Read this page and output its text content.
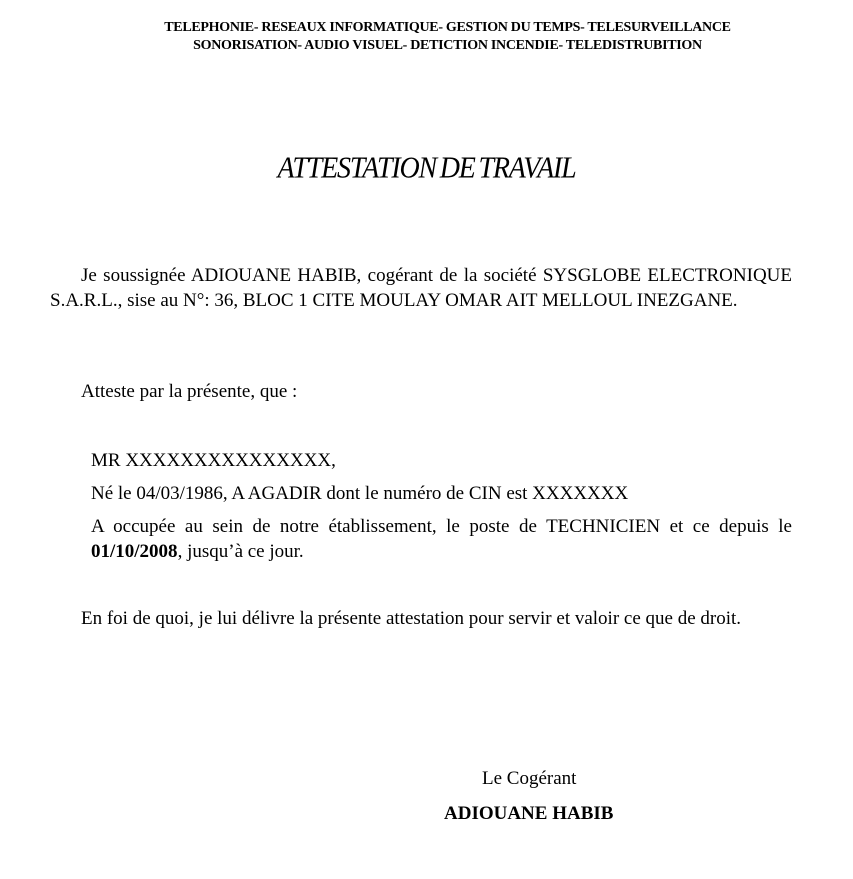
TELEPHONIE- RESEAUX INFORMATIQUE- GESTION DU TEMPS- TELESURVEILLANCE
SONORISATION- AUDIO VISUEL- DETICTION INCENDIE- TELEDISTRUBITION
ATTESTATION DE TRAVAIL
Je soussignée ADIOUANE HABIB, cogérant de la société SYSGLOBE ELECTRONIQUE S.A.R.L., sise au N°: 36, BLOC 1 CITE MOULAY OMAR AIT MELLOUL INEZGANE.
Atteste par la présente, que :
MR XXXXXXXXXXXXXXX,
Né le 04/03/1986, A AGADIR dont le numéro de CIN est XXXXXXX
A occupée au sein de notre établissement, le poste de TECHNICIEN et ce depuis le 01/10/2008, jusqu’à ce jour.
En foi de quoi, je lui délivre la présente attestation pour servir et valoir ce que de droit.
Le Cogérant
ADIOUANE HABIB
